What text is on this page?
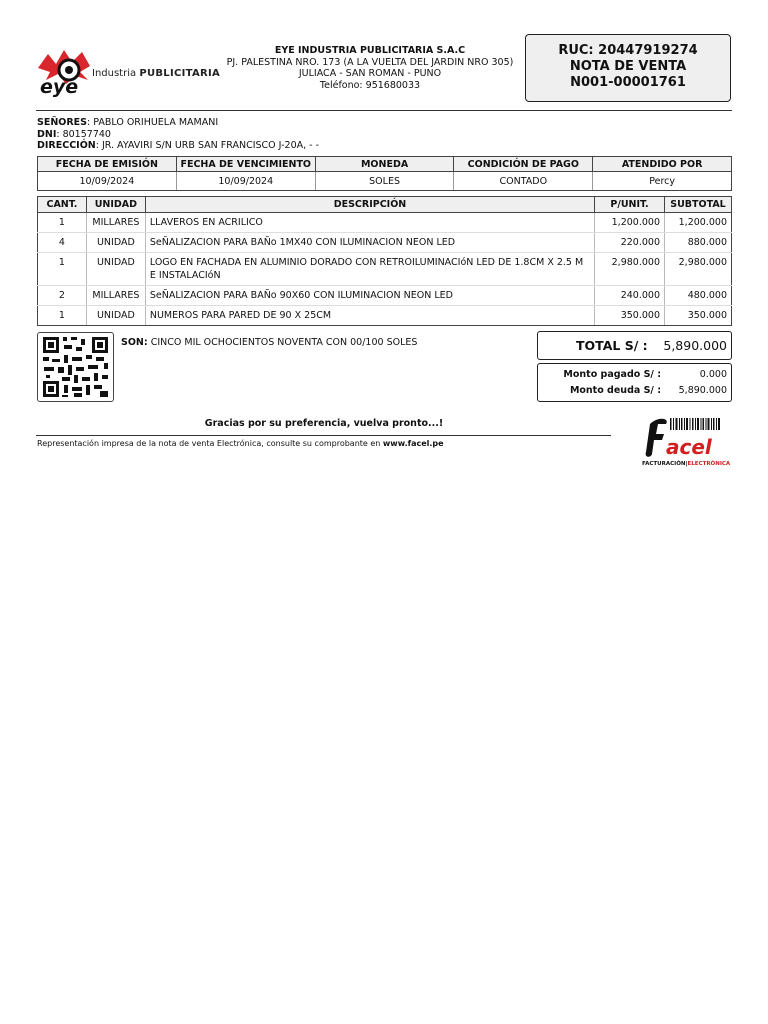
eye
Industria PUBLICITARIA
EYE INDUSTRIA PUBLICITARIA S.A.C
PJ. PALESTINA NRO. 173 (A LA VUELTA DEL JARDIN NRO 305)
JULIACA - SAN ROMAN - PUNO
Teléfono: 951680033
RUC: 20447919274
NOTA DE VENTA
N001-00001761
SEÑORES: PABLO ORIHUELA MAMANI
DNI: 80157740
DIRECCIÓN: JR. AYAVIRI S/N URB SAN FRANCISCO J-20A, - -
FECHA DE EMISIÓN	FECHA DE VENCIMIENTO	MONEDA	CONDICIÓN DE PAGO	ATENDIDO POR
10/09/2024	10/09/2024	SOLES	CONTADO	Percy
CANT.	UNIDAD	DESCRIPCIÓN	P/UNIT.	SUBTOTAL
1	MILLARES	LLAVEROS EN ACRILICO	1,200.000	1,200.000
4	UNIDAD	SeÑALIZACION PARA BAÑo 1MX40 CON ILUMINACION NEON LED	220.000	880.000
1	UNIDAD	LOGO EN FACHADA EN ALUMINIO DORADO CON RETROILUMINACIóN LED DE 1.8CM X 2.5 M E INSTALACIóN	2,980.000	2,980.000
2	MILLARES	SeÑALIZACION PARA BAÑo 90X60 CON ILUMINACION NEON LED	240.000	480.000
1	UNIDAD	NUMEROS PARA PARED DE 90 X 25CM	350.000	350.000
SON: CINCO MIL OCHOCIENTOS NOVENTA CON 00/100 SOLES	TOTAL S/ : 5,890.000
Monto pagado S/ :	0.000
Monto deuda S/ : 5,890.000
Gracias por su preferencia, vuelva pronto...!
Representación impresa de la nota de venta Electrónica, consulte su comprobante en www.facel.pe	acel
FACTURACIÓN|ELECTRÓNICA
